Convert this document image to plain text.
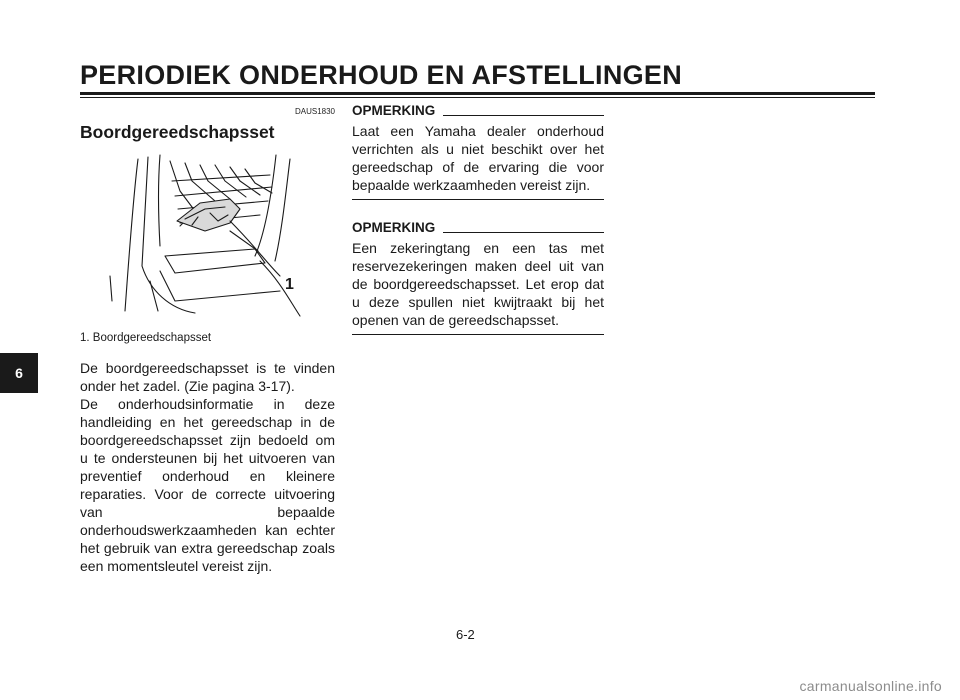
PERIODIEK ONDERHOUD EN AFSTELLINGEN
6
DAUS1830
Boordgereedschapsset
1
1. Boordgereedschapsset

De boordgereedschapsset is te vinden onder het zadel. (Zie pagina 3-17).

De onderhoudsinformatie in deze handleiding en het gereedschap in de boordgereedschapsset zijn bedoeld om u te ondersteunen bij het uitvoeren van preventief onderhoud en kleinere reparaties. Voor de correcte uitvoering van bepaalde onderhoudswerkzaamheden kan echter het gebruik van extra gereedschap zoals een momentsleutel vereist zijn.

OPMERKING

Laat een Yamaha dealer onderhoud verrichten als u niet beschikt over het gereedschap of de ervaring die voor bepaalde werkzaamheden vereist zijn.

OPMERKING

Een zekeringtang en een tas met reservezekeringen maken deel uit van de boordgereedschapsset. Let erop dat u deze spullen niet kwijtraakt bij het openen van de gereedschapsset.

6-2
carmanualsonline.info
